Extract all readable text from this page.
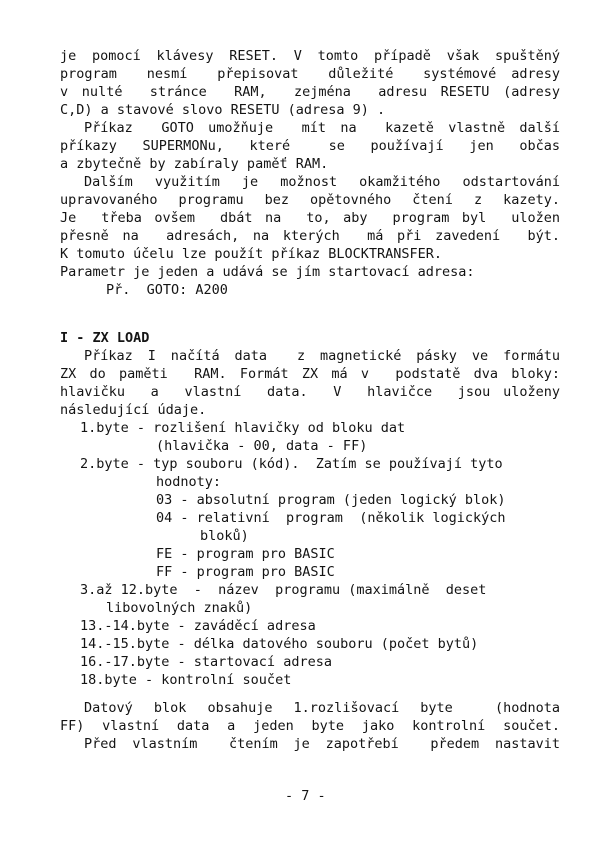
je pomocí klávesy RESET. V tomto případě však spuštěný
program  nesmí  přepisovat  důležité  systémové adresy
v nulté  stránce  RAM,  zejména  adresu RESETU (adresy
C,D) a stavové slovo RESETU (adresa 9) .
Příkaz  GOTO umožňuje  mít na  kazetě vlastně další
příkazy  SUPERMONu,  které   se  používají  jen  občas
a zbytečně by zabíraly paměť RAM.
Dalším využitím je možnost okamžitého odstartování
upravovaného programu bez opětovného čtení z kazety.
Je  třeba ovšem  dbát na  to, aby  program byl  uložen
přesně na  adresách, na kterých  má při zavedení  být.
K tomuto účelu lze použít příkaz BLOCKTRANSFER.
Parametr je jeden a udává se jím startovací adresa:
Př.  GOTO: A200
I - ZX LOAD
Příkaz I načítá data  z magnetické pásky ve formátu
ZX do paměti  RAM. Formát ZX má v  podstatě dva bloky:
hlavičku  a  vlastní  data.  V  hlavičce  jsou uloženy
následující údaje.
1.byte - rozlišení hlavičky od bloku dat
(hlavička - 00, data - FF)
2.byte - typ souboru (kód).  Zatím se používají tyto
hodnoty:
03 - absolutní program (jeden logický blok)
04 - relativní  program  (několik logických
bloků)
FE - program pro BASIC
FF - program pro BASIC
3.až 12.byte  -  název  programu (maximálně  deset
libovolných znaků)
13.-14.byte - zaváděcí adresa
14.-15.byte - délka datového souboru (počet bytů)
16.-17.byte - startovací adresa
18.byte - kontrolní součet
Datový blok obsahuje 1.rozlišovací byte  (hodnota
FF) vlastní data a jeden byte jako kontrolní součet.
Před vlastním  čtením je zapotřebí  předem nastavit
- 7 -
